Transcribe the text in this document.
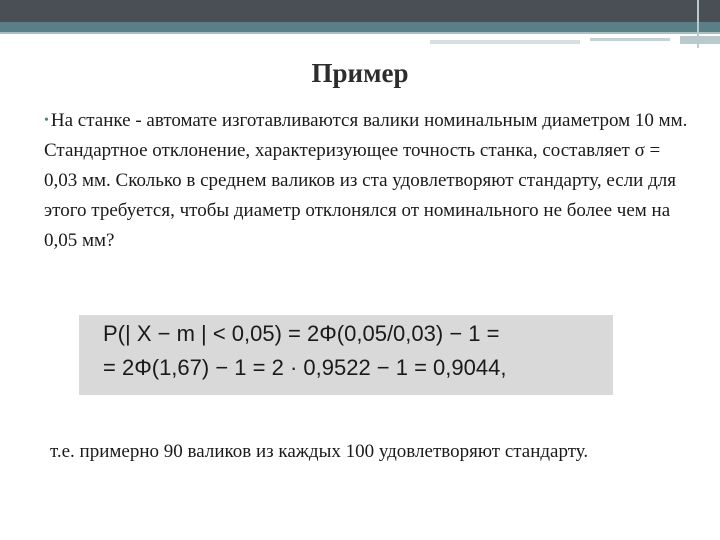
Пример
• На станке - автомате изготавливаются валики номинальным диаметром 10 мм. Стандартное отклонение, характеризующее точность станка, составляет σ = 0,03 мм. Сколько в среднем валиков из ста удовлетворяют стандарту, если для этого требуется, чтобы диаметр отклонялся от номинального не более чем на 0,05 мм?
P(| X − m | < 0,05) = 2Φ(0,05/0,03) − 1 =
= 2Φ(1,67) − 1 = 2 · 0,9522 − 1 = 0,9044,
т.е. примерно 90 валиков из каждых 100 удовлетворяют стандарту.
